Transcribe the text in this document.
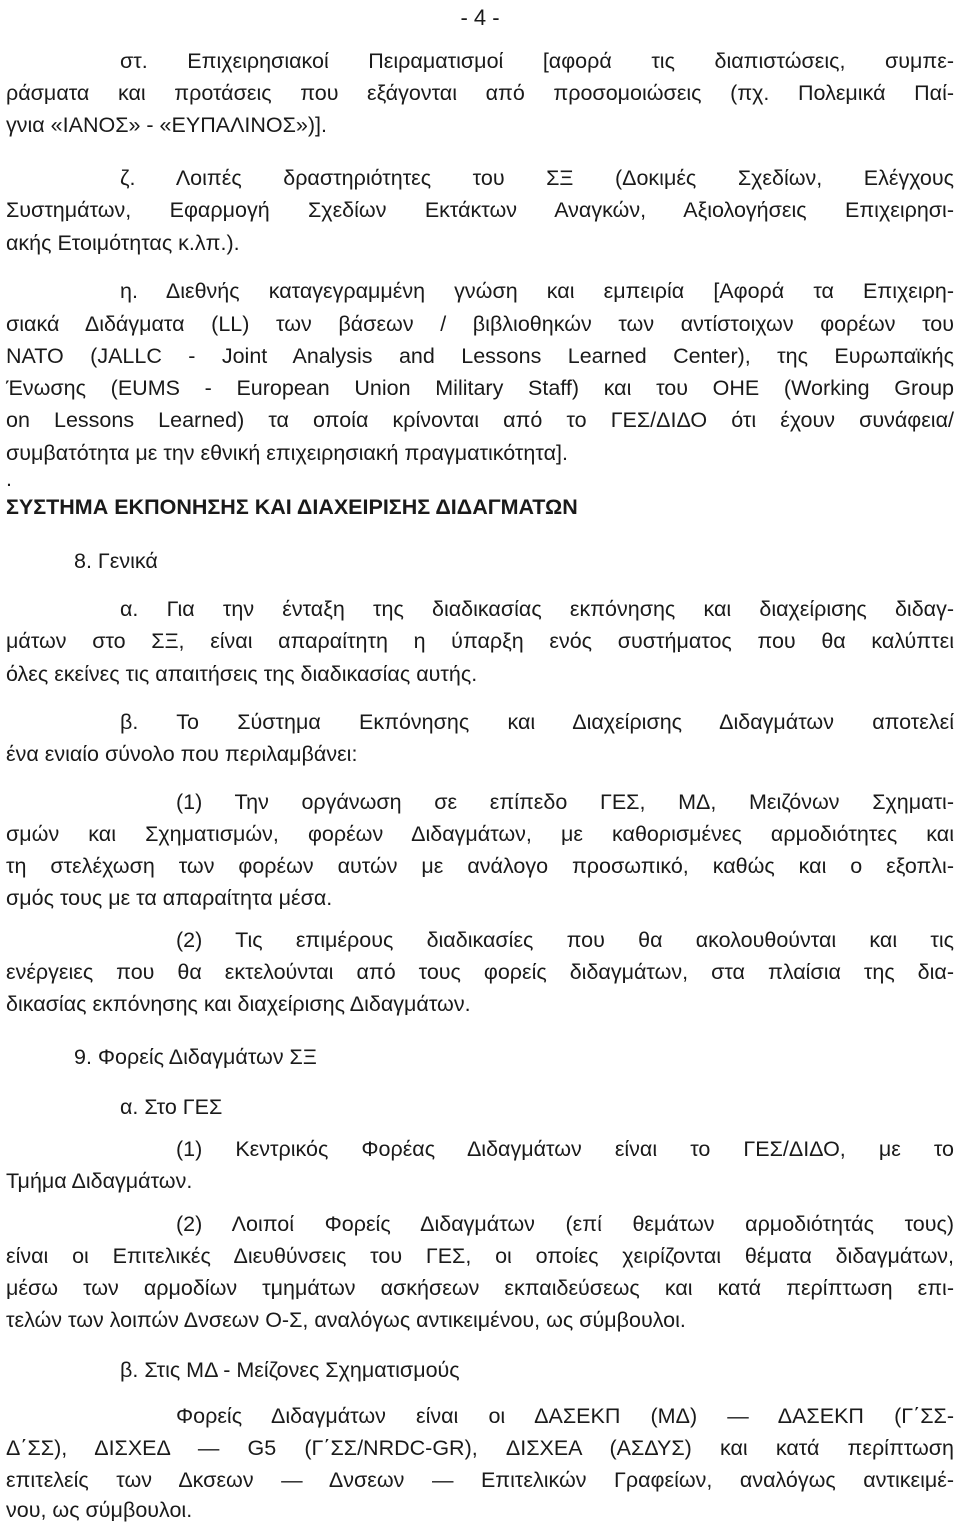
- 4 -
στ. Επιχειρησιακοί Πειραματισμοί [αφορά τις διαπιστώσεις, συμπε-
ράσματα και προτάσεις που εξάγονται από προσομοιώσεις (πχ. Πολεμικά Παί-
γνια «ΙΑΝΟΣ» - «ΕΥΠΑΛΙΝΟΣ»)].
ζ. Λοιπές δραστηριότητες του ΣΞ (Δοκιμές Σχεδίων, Ελέγχους
Συστημάτων, Εφαρμογή Σχεδίων Εκτάκτων Αναγκών, Αξιολογήσεις Επιχειρησι-
ακής Ετοιμότητας κ.λπ.).
η. Διεθνής καταγεγραμμένη γνώση και εμπειρία [Αφορά τα Επιχειρη-
σιακά Διδάγματα (LL) των βάσεων / βιβλιοθηκών των αντίστοιχων φορέων του
ΝΑΤΟ (JALLC - Joint Analysis and Lessons Learned Center), της Ευρωπαϊκής
Ένωσης (EUMS - European Union Military Staff) και του ΟΗΕ (Working Group
on Lessons Learned) τα οποία κρίνονται από το ΓΕΣ/ΔΙΔΟ ότι έχουν συνάφεια/
συμβατότητα με την εθνική επιχειρησιακή πραγματικότητα].
.
ΣΥΣΤΗΜΑ ΕΚΠΟΝΗΣΗΣ ΚΑΙ ΔΙΑΧΕΙΡΙΣΗΣ ΔΙΔΑΓΜΑΤΩΝ
8. Γενικά
α. Για την ένταξη της διαδικασίας εκπόνησης και διαχείρισης διδαγ-
μάτων στο ΣΞ, είναι απαραίτητη η ύπαρξη ενός συστήματος που θα καλύπτει
όλες εκείνες τις απαιτήσεις της διαδικασίας αυτής.
β. Το Σύστημα Εκπόνησης και Διαχείρισης Διδαγμάτων αποτελεί
ένα ενιαίο σύνολο που περιλαμβάνει:
(1) Την οργάνωση σε επίπεδο ΓΕΣ, ΜΔ, Μειζόνων Σχηματι-
σμών και Σχηματισμών, φορέων Διδαγμάτων, με καθορισμένες αρμοδιότητες και
τη στελέχωση των φορέων αυτών με ανάλογο προσωπικό, καθώς και ο εξοπλι-
σμός τους με τα απαραίτητα μέσα.
(2) Τις επιμέρους διαδικασίες που θα ακολουθούνται και τις
ενέργειες που θα εκτελούνται από τους φορείς διδαγμάτων, στα πλαίσια της δια-
δικασίας εκπόνησης και διαχείρισης Διδαγμάτων.
9. Φορείς Διδαγμάτων ΣΞ
α. Στο ΓΕΣ
(1) Κεντρικός Φορέας Διδαγμάτων είναι το ΓΕΣ/ΔΙΔΟ, με το
Τμήμα Διδαγμάτων.
(2) Λοιποί Φορείς Διδαγμάτων (επί θεμάτων αρμοδιότητάς τους)
είναι οι Επιτελικές Διευθύνσεις του ΓΕΣ, οι οποίες χειρίζονται θέματα διδαγμάτων,
μέσω των αρμοδίων τμημάτων ασκήσεων εκπαιδεύσεως και κατά περίπτωση επι-
τελών των λοιπών Δνσεων Ο-Σ, αναλόγως αντικειμένου, ως σύμβουλοι.
β. Στις ΜΔ - Μείζονες Σχηματισμούς
Φορείς Διδαγμάτων είναι οι ΔΑΣΕΚΠ (ΜΔ) — ΔΑΣΕΚΠ (Γ΄ΣΣ-
Δ΄ΣΣ), ΔΙΣΧΕΔ — G5 (Γ΄ΣΣ/NRDC-GR), ΔΙΣΧΕΑ (ΑΣΔΥΣ) και κατά περίπτωση
επιτελείς των Δκσεων — Δνσεων — Επιτελικών Γραφείων, αναλόγως αντικειμέ-
νου, ως σύμβουλοι.
